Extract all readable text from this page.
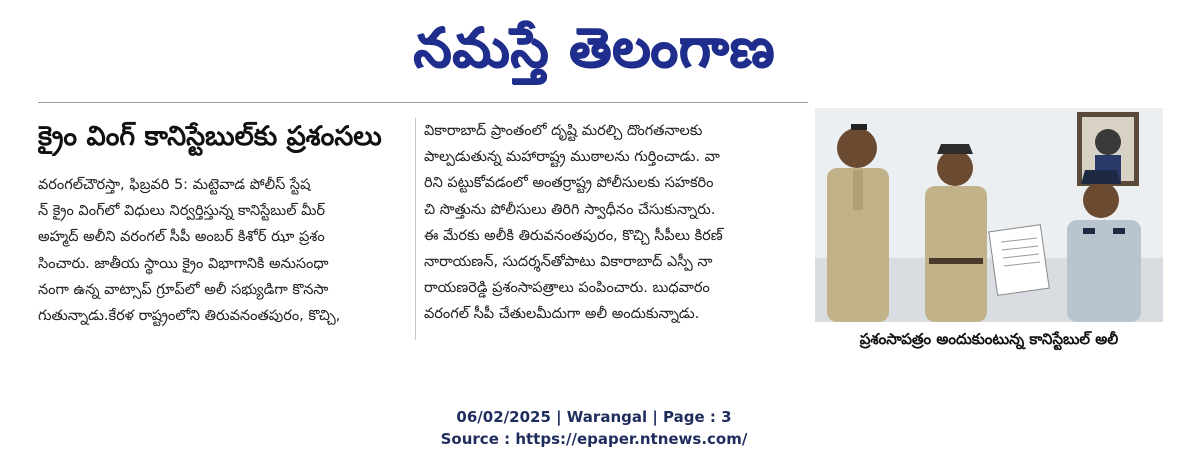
నమస్తే తెలంగాణ
క్రైం వింగ్ కానిస్టేబుల్‌కు ప్రశంసలు

వరంగల్‌చౌరస్తా, ఫిబ్రవరి 5: మట్టెవాడ పోలీస్ స్టేష

న్ క్రైం వింగ్‌లో విధులు నిర్వర్తిస్తున్న కానిస్టేబుల్ మీర్

అహ్మద్ అలీని వరంగల్ సీపీ అంబర్ కిశోర్ ఝా ప్రశం

సించారు. జాతీయ స్థాయి క్రైం విభాగానికి అనుసంధా

నంగా ఉన్న వాట్సాప్ గ్రూప్‌లో అలీ సభ్యుడిగా కొనసా

గుతున్నాడు.కేరళ రాష్ట్రంలోని తిరువనంతపురం, కొచ్చి,

వికారాబాద్ ప్రాంతంలో దృష్టి మరల్చి దొంగతనాలకు

పాల్పడుతున్న మహారాష్ట్ర ముఠాలను గుర్తించాడు. వా

రిని పట్టుకోవడంలో అంతర్రాష్ట్ర పోలీసులకు సహకరిం

చి సొత్తును పోలీసులు తిరిగి స్వాధీనం చేసుకున్నారు.

ఈ మేరకు అలీకి తిరువనంతపురం, కొచ్చి సీపీలు కిరణ్

నారాయణన్, సుదర్శన్‌తోపాటు వికారాబాద్ ఎస్పీ నా

రాయణరెడ్డి ప్రశంసాపత్రాలు పంపించారు. బుధవారం

వరంగల్ సీపీ చేతులమీదుగా అలీ అందుకున్నాడు.

ప్రశంసాపత్రం అందుకుంటున్న కానిస్టేబుల్ అలీ
06/02/2025 | Warangal | Page : 3
Source : https://epaper.ntnews.com/
